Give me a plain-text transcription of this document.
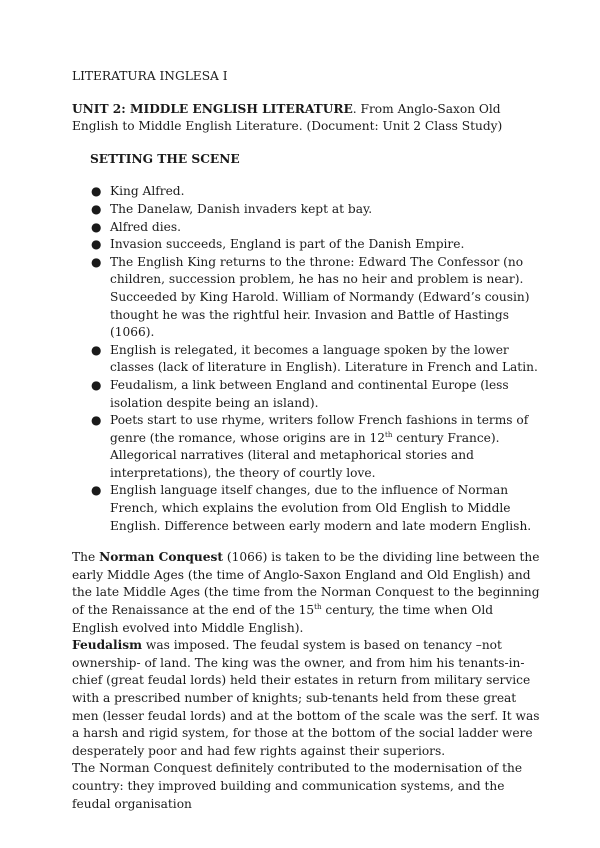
LITERATURA INGLESA I

UNIT 2: MIDDLE ENGLISH LITERATURE. From Anglo-Saxon Old English to Middle English Literature. (Document: Unit 2 Class Study)

SETTING THE SCENE

● King Alfred.
● The Danelaw, Danish invaders kept at bay.
● Alfred dies.
● Invasion succeeds, England is part of the Danish Empire.
● The English King returns to the throne: Edward The Confessor (no children, succession problem, he has no heir and problem is near). Succeeded by King Harold. William of Normandy (Edward’s cousin) thought he was the rightful heir. Invasion and Battle of Hastings (1066).
● English is relegated, it becomes a language spoken by the lower classes (lack of literature in English). Literature in French and Latin.
● Feudalism, a link between England and continental Europe (less isolation despite being an island).
● Poets start to use rhyme, writers follow French fashions in terms of genre (the romance, whose origins are in 12th century France). Allegorical narratives (literal and metaphorical stories and interpretations), the theory of courtly love.
● English language itself changes, due to the influence of Norman French, which explains the evolution from Old English to Middle English. Difference between early modern and late modern English.

The Norman Conquest (1066) is taken to be the dividing line between the early Middle Ages (the time of Anglo-Saxon England and Old English) and the late Middle Ages (the time from the Norman Conquest to the beginning of the Renaissance at the end of the 15th century, the time when Old English evolved into Middle English).

Feudalism was imposed. The feudal system is based on tenancy –not ownership- of land. The king was the owner, and from him his tenants-in-chief (great feudal lords) held their estates in return from military service with a prescribed number of knights; sub-tenants held from these great men (lesser feudal lords) and at the bottom of the scale was the serf. It was a harsh and rigid system, for those at the bottom of the social ladder were desperately poor and had few rights against their superiors.

The Norman Conquest definitely contributed to the modernisation of the country: they improved building and communication systems, and the feudal organisation
